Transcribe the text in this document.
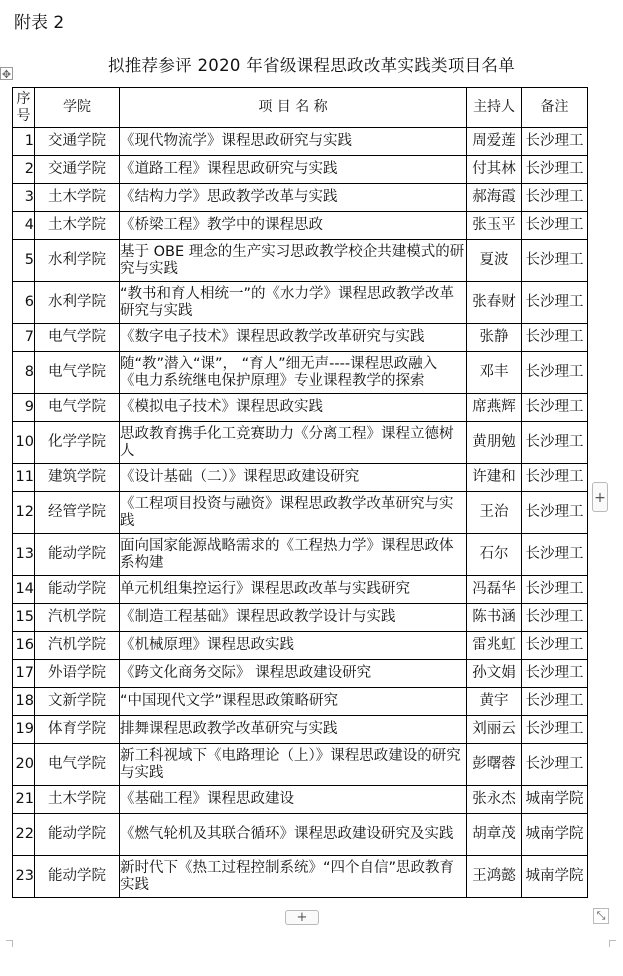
附表 2
✥	拟推荐参评 2020 年省级课程思政改革实践类项目名单
序号	学院	项 目 名 称	主持人	备注
1	交通学院	《现代物流学》课程思政研究与实践	周爱莲	长沙理工
2	交通学院	《道路工程》课程思政研究与实践	付其林	长沙理工
3	土木学院	《结构力学》思政教学改革与实践	郝海霞	长沙理工
4	土木学院	《桥梁工程》教学中的课程思政	张玉平	长沙理工
5	水利学院	基于 OBE 理念的生产实习思政教学校企共建模式的研究与实践	夏波	长沙理工
6	水利学院	“教书和育人相统一”的《水力学》课程思政教学改革研究与实践	张春财	长沙理工
7	电气学院	《数字电子技术》课程思政教学改革研究与实践	张静	长沙理工
8	电气学院	随“教”潜入“课”， “育人”细无声----课程思政融入《电力系统继电保护原理》专业课程教学的探索	邓丰	长沙理工
9	电气学院	《模拟电子技术》课程思政实践	席燕辉	长沙理工
10	化学学院	思政教育携手化工竞赛助力《分离工程》课程立德树人	黄朋勉	长沙理工
11	建筑学院	《设计基础（二）》课程思政建设研究	许建和	长沙理工
12	经管学院	《工程项目投资与融资》课程思政教学改革研究与实践	王治	长沙理工
13	能动学院	面向国家能源战略需求的《工程热力学》课程思政体系构建	石尔	长沙理工
14	能动学院	单元机组集控运行》课程思政改革与实践研究	冯磊华	长沙理工
15	汽机学院	《制造工程基础》课程思政教学设计与实践	陈书涵	长沙理工
16	汽机学院	《机械原理》课程思政实践	雷兆虹	长沙理工
17	外语学院	《跨文化商务交际》 课程思政建设研究	孙文娟	长沙理工
18	文新学院	“中国现代文学”课程思政策略研究	黄宇	长沙理工
19	体育学院	排舞课程思政教学改革研究与实践	刘丽云	长沙理工
20	电气学院	新工科视域下《电路理论（上）》课程思政建设的研究与实践	彭曙蓉	长沙理工
21	土木学院	《基础工程》课程思政建设	张永杰	城南学院
22	能动学院	《燃气轮机及其联合循环》课程思政建设研究及实践	胡章茂	城南学院
23	能动学院	新时代下《热工过程控制系统》“四个自信”思政教育实践	王鸿懿	城南学院
+
+	⤡
